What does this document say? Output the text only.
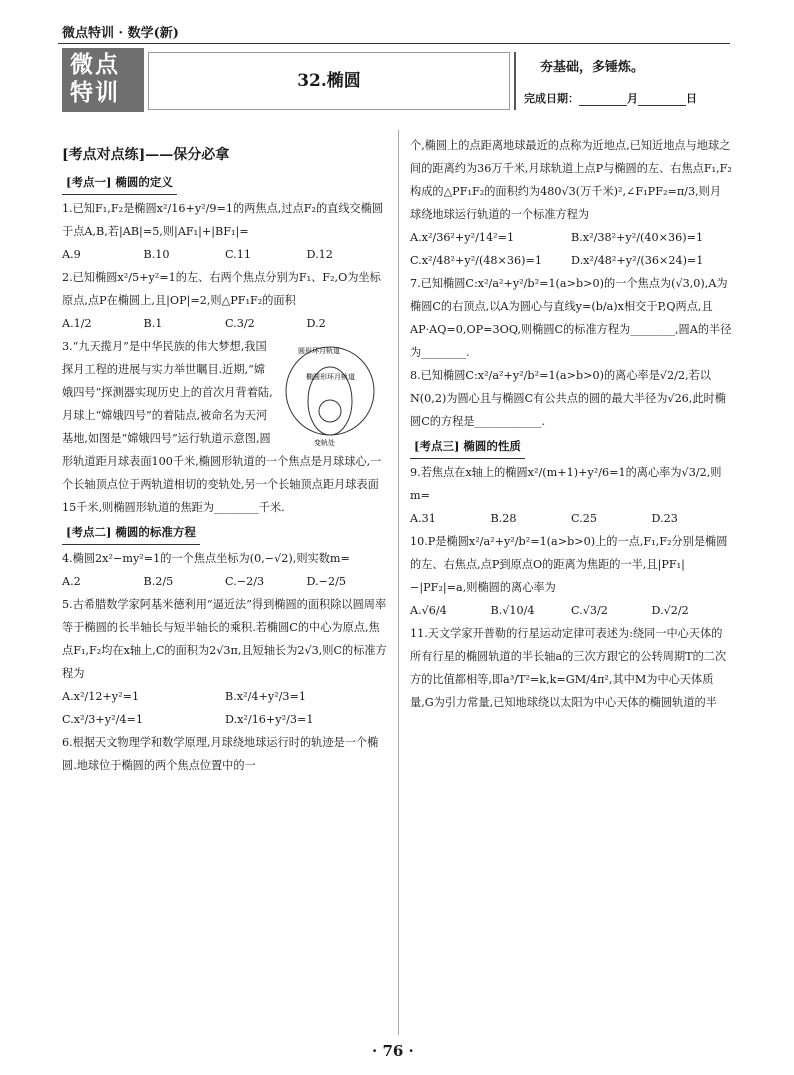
微点特训 · 数学(新)
微点
特训	32.椭圆
夯基础，多锤炼。
完成日期：	月	日
[考点对点练]——保分必拿
[考点一] 椭圆的定义

1.已知F₁,F₂是椭圆x²/16+y²/9=1的两焦点,过点F₂的直线交椭圆于点A,B,若|AB|=5,则|AF₁|+|BF₁|=

A.9	B.10	C.11	D.12

2.已知椭圆x²/5+y²=1的左、右两个焦点分别为F₁、F₂,O为坐标原点,点P在椭圆上,且|OP|=2,则△PF₁F₂的面积

A.1/2	B.1	C.3/2	D.2
圆形环月轨道
椭圆形环月轨道
变轨处

3.“九天揽月”是中华民族的伟大梦想,我国探月工程的进展与实力举世瞩目.近期,“嫦娥四号”探测器实现历史上的首次月背着陆,月球上“嫦娥四号”的着陆点,被命名为天河基地,如图是“嫦娥四号”运行轨道示意图,圆形轨道距月球表面100千米,椭圆形轨道的一个焦点是月球球心,一个长轴顶点位于两轨道相切的变轨处,另一个长轴顶点距月球表面15千米,则椭圆形轨道的焦距为________千米.

[考点二] 椭圆的标准方程

4.椭圆2x²−my²=1的一个焦点坐标为(0,−√2),则实数m=

A.2	B.2/5	C.−2/3	D.−2/5

5.古希腊数学家阿基米德利用“逼近法”得到椭圆的面积除以圆周率等于椭圆的长半轴长与短半轴长的乘积.若椭圆C的中心为原点,焦点F₁,F₂均在x轴上,C的面积为2√3π,且短轴长为2√3,则C的标准方程为

A.x²/12+y²=1	B.x²/4+y²/3=1
C.x²/3+y²/4=1	D.x²/16+y²/3=1

6.根据天文物理学和数学原理,月球绕地球运行时的轨迹是一个椭圆.地球位于椭圆的两个焦点位置中的一

个,椭圆上的点距离地球最近的点称为近地点,已知近地点与地球之间的距离约为36万千米,月球轨道上点P与椭圆的左、右焦点F₁,F₂构成的△PF₁F₂的面积约为480√3(万千米)²,∠F₁PF₂=π/3,则月球绕地球运行轨道的一个标准方程为

A.x²/36²+y²/14²=1	B.x²/38²+y²/(40×36)=1
C.x²/48²+y²/(48×36)=1	D.x²/48²+y²/(36×24)=1

7.已知椭圆C:x²/a²+y²/b²=1(a>b>0)的一个焦点为(√3,0),A为椭圆C的右顶点,以A为圆心与直线y=(b/a)x相交于P,Q两点,且AP·AQ=0,OP=3OQ,则椭圆C的标准方程为________,圆A的半径为________.

8.已知椭圆C:x²/a²+y²/b²=1(a>b>0)的离心率是√2/2,若以N(0,2)为圆心且与椭圆C有公共点的圆的最大半径为√26,此时椭圆C的方程是____________.

[考点三] 椭圆的性质

9.若焦点在x轴上的椭圆x²/(m+1)+y²/6=1的离心率为√3/2,则m=

A.31	B.28	C.25	D.23

10.P是椭圆x²/a²+y²/b²=1(a>b>0)上的一点,F₁,F₂分别是椭圆的左、右焦点,点P到原点O的距离为焦距的一半,且|PF₁|−|PF₂|=a,则椭圆的离心率为

A.√6/4	B.√10/4	C.√3/2	D.√2/2

11.天文学家开普勒的行星运动定律可表述为:绕同一中心天体的所有行星的椭圆轨道的半长轴a的三次方跟它的公转周期T的二次方的比值都相等,即a³/T²=k,k=GM/4π²,其中M为中心天体质量,G为引力常量,已知地球绕以太阳为中心天体的椭圆轨道的半

· 76 ·
